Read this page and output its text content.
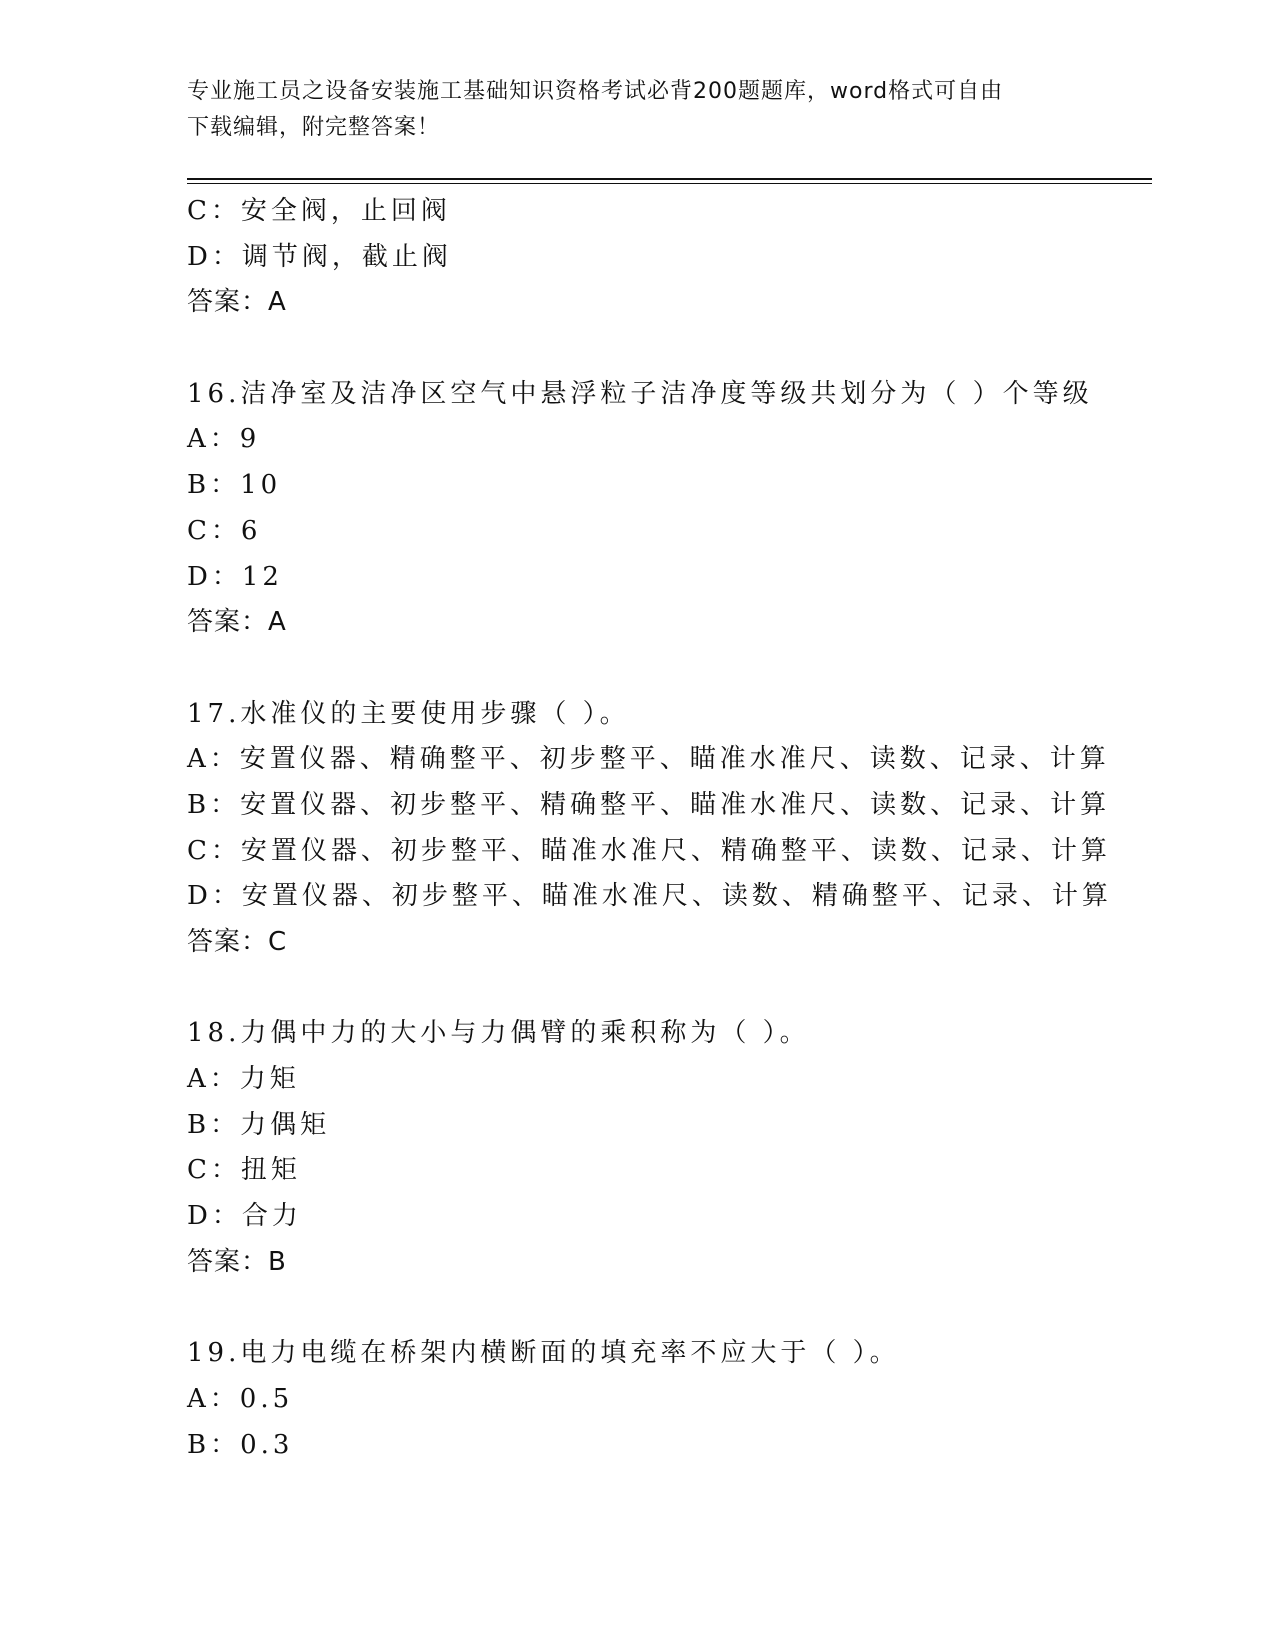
专业施工员之设备安装施工基础知识资格考试必背200题题库，word格式可自由
下载编辑，附完整答案！
C：安全阀，止回阀
D：调节阀，截止阀
答案：A
16.洁净室及洁净区空气中悬浮粒子洁净度等级共划分为（ ）个等级
A：9
B：10
C：6
D：12
答案：A
17.水准仪的主要使用步骤（ ）。
A：安置仪器、精确整平、初步整平、瞄准水准尺、读数、记录、计算
B：安置仪器、初步整平、精确整平、瞄准水准尺、读数、记录、计算
C：安置仪器、初步整平、瞄准水准尺、精确整平、读数、记录、计算
D：安置仪器、初步整平、瞄准水准尺、读数、精确整平、记录、计算
答案：C
18.力偶中力的大小与力偶臂的乘积称为（ ）。
A：力矩
B：力偶矩
C：扭矩
D：合力
答案：B
19.电力电缆在桥架内横断面的填充率不应大于（ ）。
A：0.5
B：0.3
